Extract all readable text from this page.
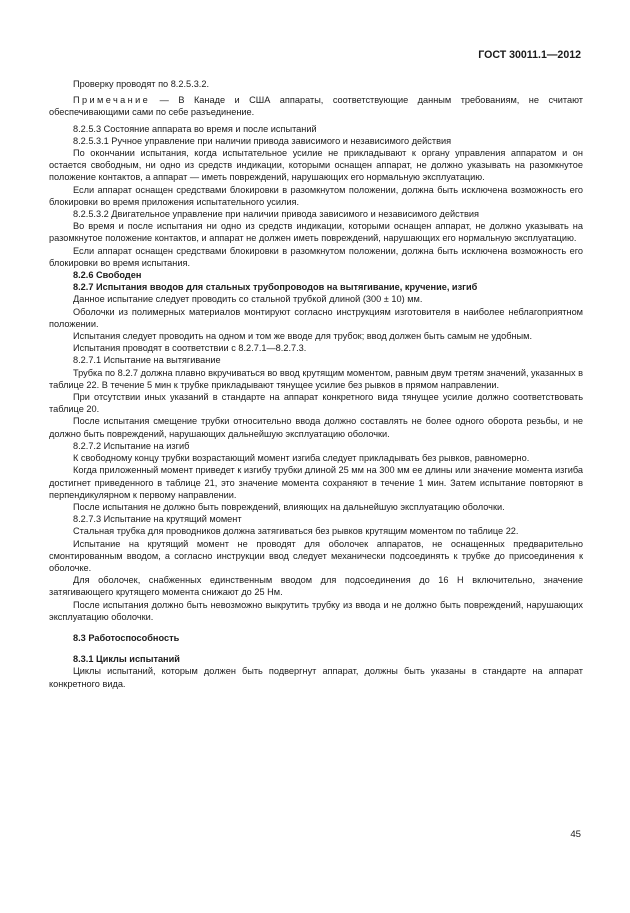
ГОСТ 30011.1—2012

Проверку проводят по 8.2.5.3.2.

Примечание — В Канаде и США аппараты, соответствующие данным требованиям, не считают обеспечивающими сами по себе разъединение.

8.2.5.3 Состояние аппарата во время и после испытаний

8.2.5.3.1 Ручное управление при наличии привода зависимого и независимого действия

По окончании испытания, когда испытательное усилие не прикладывают к органу управления аппаратом и он остается свободным, ни одно из средств индикации, которыми оснащен аппарат, не должно указывать на разомкнутое положение контактов, а аппарат — иметь повреждений, нарушающих его нормальную эксплуатацию.

Если аппарат оснащен средствами блокировки в разомкнутом положении, должна быть исключена возможность его блокировки во время приложения испытательного усилия.

8.2.5.3.2 Двигательное управление при наличии привода зависимого и независимого действия

Во время и после испытания ни одно из средств индикации, которыми оснащен аппарат, не должно указывать на разомкнутое положение контактов, и аппарат не должен иметь повреждений, нарушающих его нормальную эксплуатацию.

Если аппарат оснащен средствами блокировки в разомкнутом положении, должна быть исключена возможность его блокировки во время испытания.

8.2.6 Свободен

8.2.7 Испытания вводов для стальных трубопроводов на вытягивание, кручение, изгиб

Данное испытание следует проводить со стальной трубкой длиной (300 ± 10) мм.

Оболочки из полимерных материалов монтируют согласно инструкциям изготовителя в наиболее неблагоприятном положении.

Испытания следует проводить на одном и том же вводе для трубок; ввод должен быть самым не удобным.

Испытания проводят в соответствии с 8.2.7.1—8.2.7.3.

8.2.7.1 Испытание на вытягивание

Трубка по 8.2.7 должна плавно вкручиваться во ввод крутящим моментом, равным двум третям значений, указанных в таблице 22. В течение 5 мин к трубке прикладывают тянущее усилие без рывков в прямом направлении.

При отсутствии иных указаний в стандарте на аппарат конкретного вида тянущее усилие должно соответствовать таблице 20.

После испытания смещение трубки относительно ввода должно составлять не более одного оборота резьбы, и не должно быть повреждений, нарушающих дальнейшую эксплуатацию оболочки.

8.2.7.2 Испытание на изгиб

К свободному концу трубки возрастающий момент изгиба следует прикладывать без рывков, равномерно.

Когда приложенный момент приведет к изгибу трубки длиной 25 мм на 300 мм ее длины или значение момента изгиба достигнет приведенного в таблице 21, это значение момента сохраняют в течение 1 мин. Затем испытание повторяют в перпендикулярном к первому направлении.

После испытания не должно быть повреждений, влияющих на дальнейшую эксплуатацию оболочки.

8.2.7.3 Испытание на крутящий момент

Стальная трубка для проводников должна затягиваться без рывков крутящим моментом по таблице 22.

Испытание на крутящий момент не проводят для оболочек аппаратов, не оснащенных предварительно смонтированным вводом, а согласно инструкции ввод следует механически подсоединять к трубке до присоединения к оболочке.

Для оболочек, снабженных единственным вводом для подсоединения до 16 Н включительно, значение затягивающего крутящего момента снижают до 25 Нм.

После испытания должно быть невозможно выкрутить трубку из ввода и не должно быть повреждений, нарушающих эксплуатацию оболочки.

8.3 Работоспособность

8.3.1 Циклы испытаний

Циклы испытаний, которым должен быть подвергнут аппарат, должны быть указаны в стандарте на аппарат конкретного вида.

45
